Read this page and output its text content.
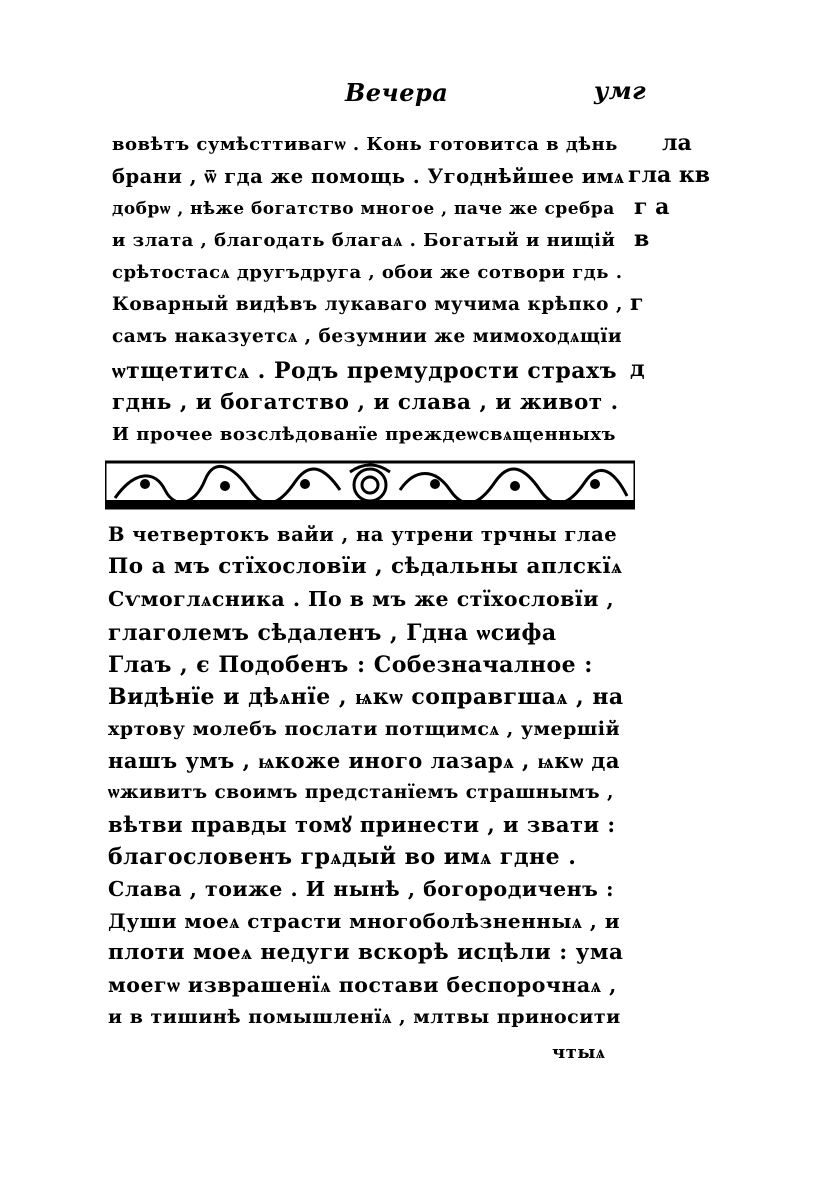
Вечера	умг
вовѣтъ сумѣсттивагѡ . Конь готовитса в дѣнь
брани , ѿ гда же помощь . Угоднѣйшее имѧ
добрѡ , нѣже богатство многое , паче же сребра
и злата , благодать благаѧ . Богатый и нищій
срѣтостасѧ другъдруга , обои же сотвори гдь .
Коварный видѣвъ лукаваго мучима крѣпко ,
самъ наказуетсѧ , безумнии же мимоходѧщїи
ѡтщетитсѧ . Родъ премудрости страхъ
гднь , и богатство , и слава , и живот .
И прочее возслѣдованїе преждеѡсвѧщенныхъ
ла
гла кв
г а
в
г
д
В четвертокъ вайи , на утрени трчны глае
По а мъ стїхословїи , сѣдальны аплскїѧ
Сѵмоглѧсника . По в мъ же стїхословїи ,
глаголемъ сѣдаленъ , Гдна ѡсифа
Глаъ , є Подобенъ : Собезначалное :
Видѣнїе и дѣѧнїе , ѩкѡ соправгшаѧ , на
хртову молебъ послати потщимсѧ , умершій
нашъ умъ , ѩкоже иного лазарѧ , ѩкѡ да
ѡживитъ своимъ предстанїемъ страшнымъ ,
вѣтви правды томꙋ принести , и звати :
благословенъ грѧдый во имѧ гдне .
Слава , тоиже . И нынѣ , богородиченъ :
Души моеѧ страсти многоболѣзненныѧ , и
плоти моеѧ недуги вскорѣ исцѣли : ума
моегѡ изврашенїѧ постави беспорочнаѧ ,
и в тишинѣ помышленїѧ , млтвы приносити
чтыѧ
